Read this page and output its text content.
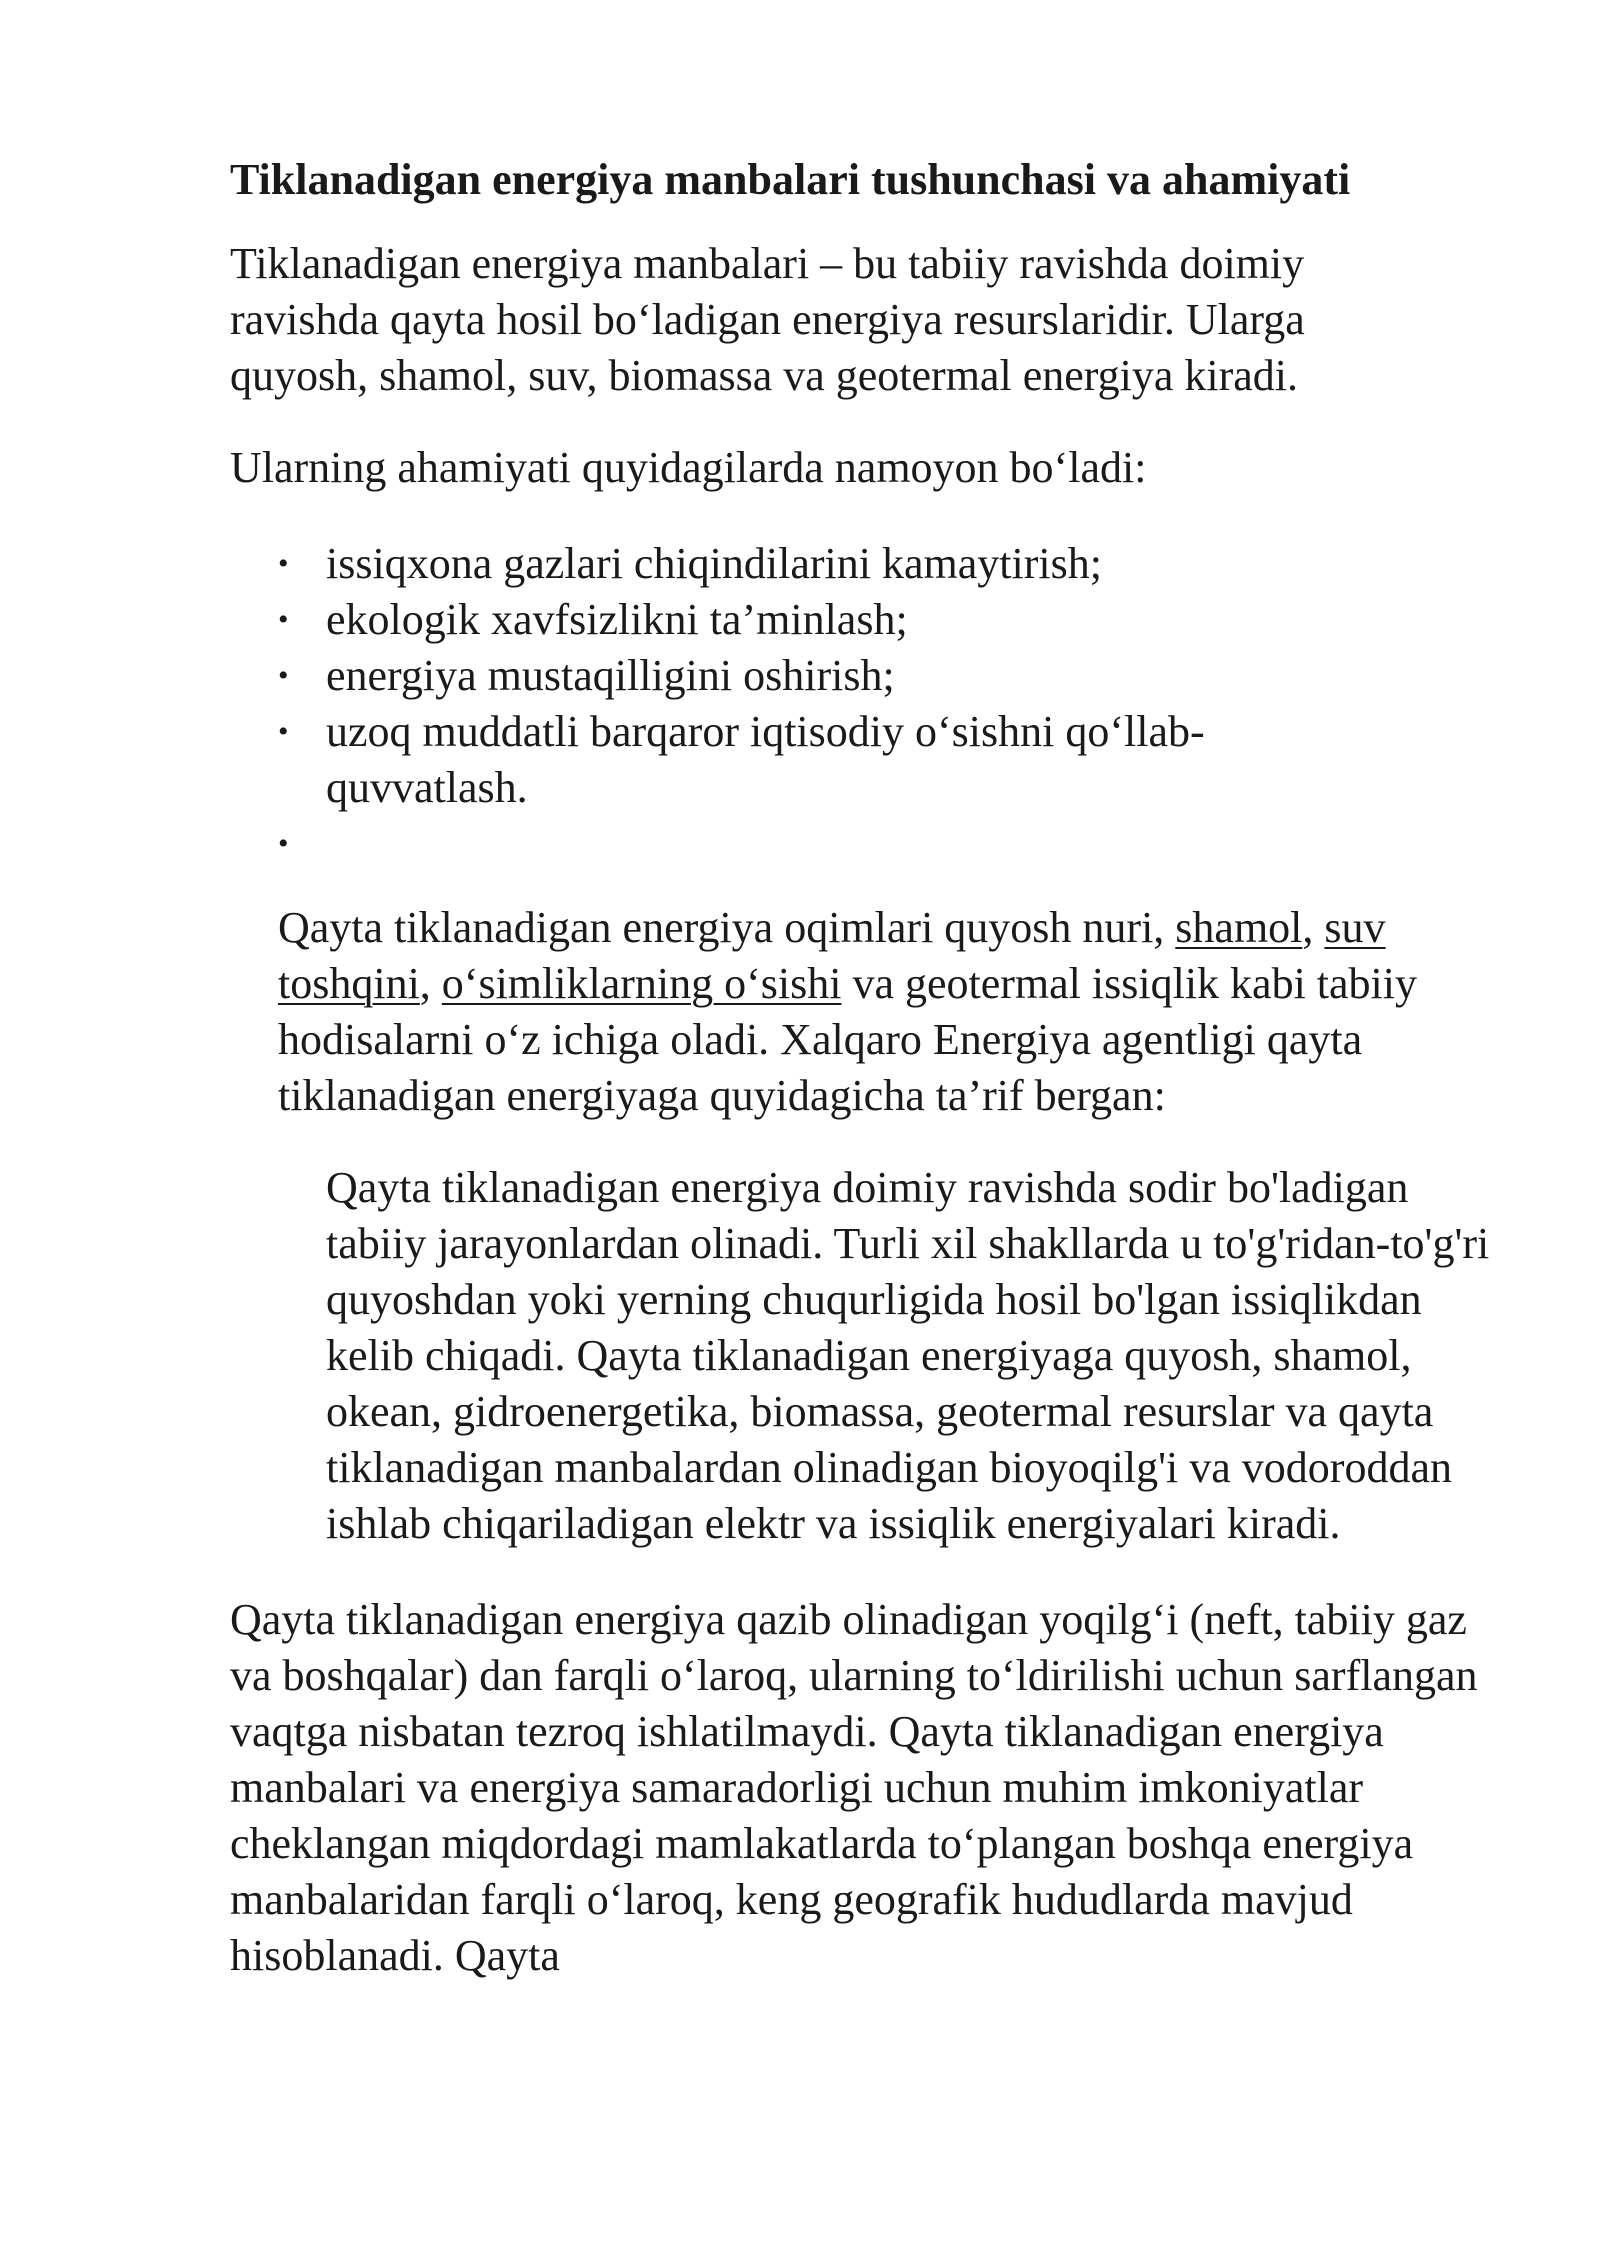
Tiklanadigan energiya manbalari tushunchasi va ahamiyati

Tiklanadigan energiya manbalari – bu tabiiy ravishda doimiy ravishda qayta hosil bo‘ladigan energiya resurslaridir. Ularga quyosh, shamol, suv, biomassa va geotermal energiya kiradi.

Ularning ahamiyati quyidagilarda namoyon bo‘ladi:

• issiqxona gazlari chiqindilarini kamaytirish;
• ekologik xavfsizlikni ta’minlash;
• energiya mustaqilligini oshirish;
• uzoq muddatli barqaror iqtisodiy o‘sishni qo‘llab-quvvatlash.
•

Qayta tiklanadigan energiya oqimlari quyosh nuri, shamol, suv toshqini, o‘simliklarning o‘sishi va geotermal issiqlik kabi tabiiy hodisalarni o‘z ichiga oladi. Xalqaro Energiya agentligi qayta tiklanadigan energiyaga quyidagicha ta’rif bergan:

Qayta tiklanadigan energiya doimiy ravishda sodir bo'ladigan tabiiy jarayonlardan olinadi. Turli xil shakllarda u to'g'ridan-to'g'ri quyoshdan yoki yerning chuqurligida hosil bo'lgan issiqlikdan kelib chiqadi. Qayta tiklanadigan energiyaga quyosh, shamol, okean, gidroenergetika, biomassa, geotermal resurslar va qayta tiklanadigan manbalardan olinadigan bioyoqilg'i va vodoroddan ishlab chiqariladigan elektr va issiqlik energiyalari kiradi.

Qayta tiklanadigan energiya qazib olinadigan yoqilg‘i (neft, tabiiy gaz va boshqalar) dan farqli o‘laroq, ularning to‘ldirilishi uchun sarflangan vaqtga nisbatan tezroq ishlatilmaydi. Qayta tiklanadigan energiya manbalari va energiya samaradorligi uchun muhim imkoniyatlar cheklangan miqdordagi mamlakatlarda to‘plangan boshqa energiya manbalaridan farqli o‘laroq, keng geografik hududlarda mavjud hisoblanadi. Qayta
